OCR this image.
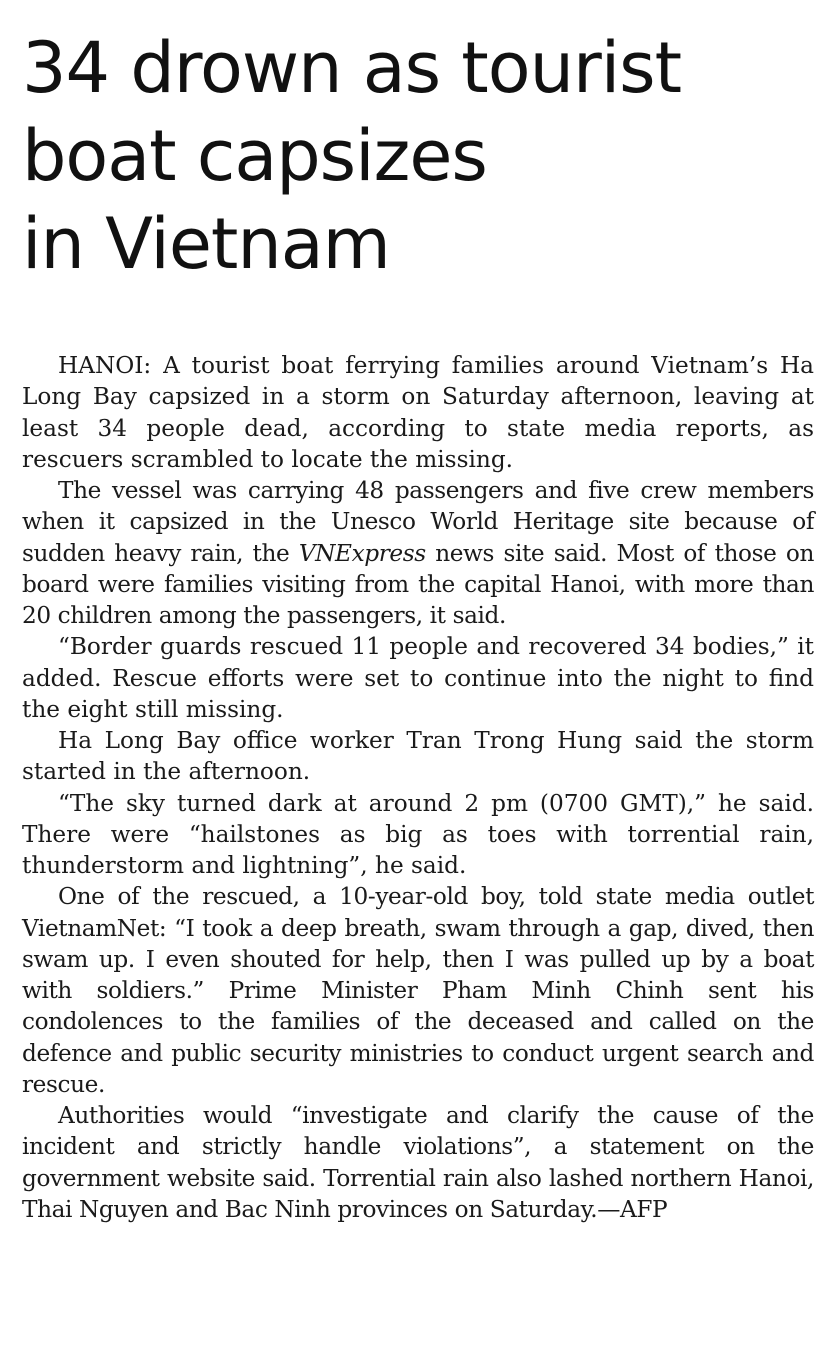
34 drown as tourist
boat capsizes
in Vietnam

HANOI: A tourist boat ferrying families around Vietnam’s Ha Long Bay capsized in a storm on Saturday afternoon, leaving at least 34 people dead, according to state media reports, as rescuers scrambled to locate the missing.

The vessel was carrying 48 passengers and five crew members when it capsized in the Unesco World Heritage site because of sudden heavy rain, the VNExpress news site said. Most of those on board were families visiting from the capital Hanoi, with more than 20 children among the passengers, it said.

“Border guards rescued 11 people and recovered 34 bodies,” it added. Rescue efforts were set to continue into the night to find the eight still missing.

Ha Long Bay office worker Tran Trong Hung said the storm started in the afternoon.

“The sky turned dark at around 2 pm (0700 GMT),” he said. There were “hailstones as big as toes with torrential rain, thunderstorm and lightning”, he said.

One of the rescued, a 10-year-old boy, told state media outlet VietnamNet: “I took a deep breath, swam through a gap, dived, then swam up. I even shouted for help, then I was pulled up by a boat with soldiers.” Prime Minister Pham Minh Chinh sent his condolences to the families of the deceased and called on the defence and public security ministries to conduct urgent search and rescue.

Authorities would “investigate and clarify the cause of the incident and strictly handle violations”, a statement on the government website said. Torrential rain also lashed northern Hanoi, Thai Nguyen and Bac Ninh provinces on Saturday.—AFP
